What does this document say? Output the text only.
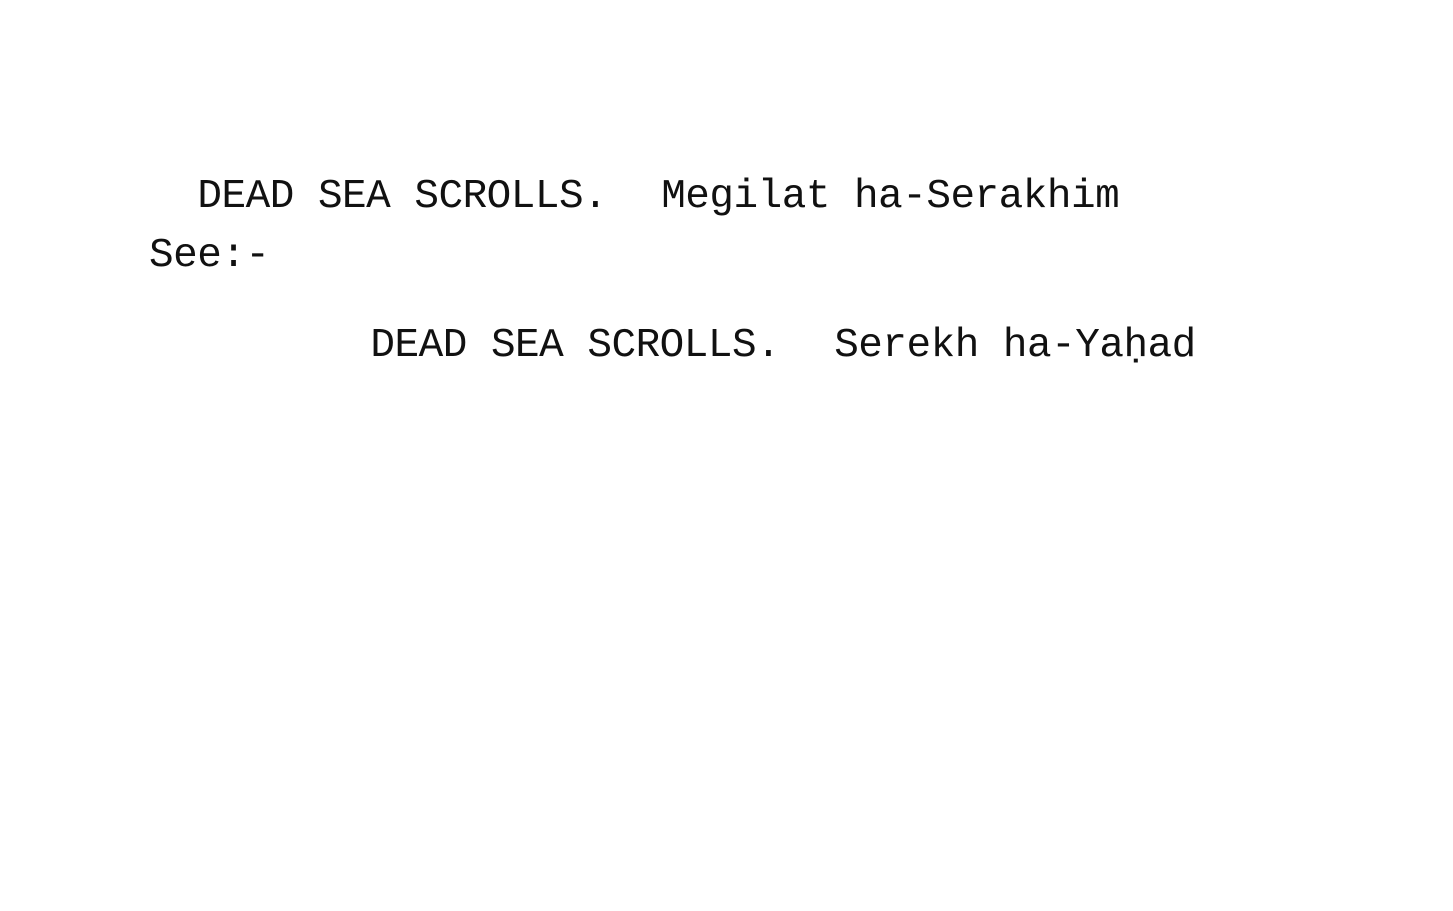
DEAD SEA SCROLLS. Megilat ha-Serakhim

See:-

DEAD SEA SCROLLS. Serekh ha-Yaḥad
